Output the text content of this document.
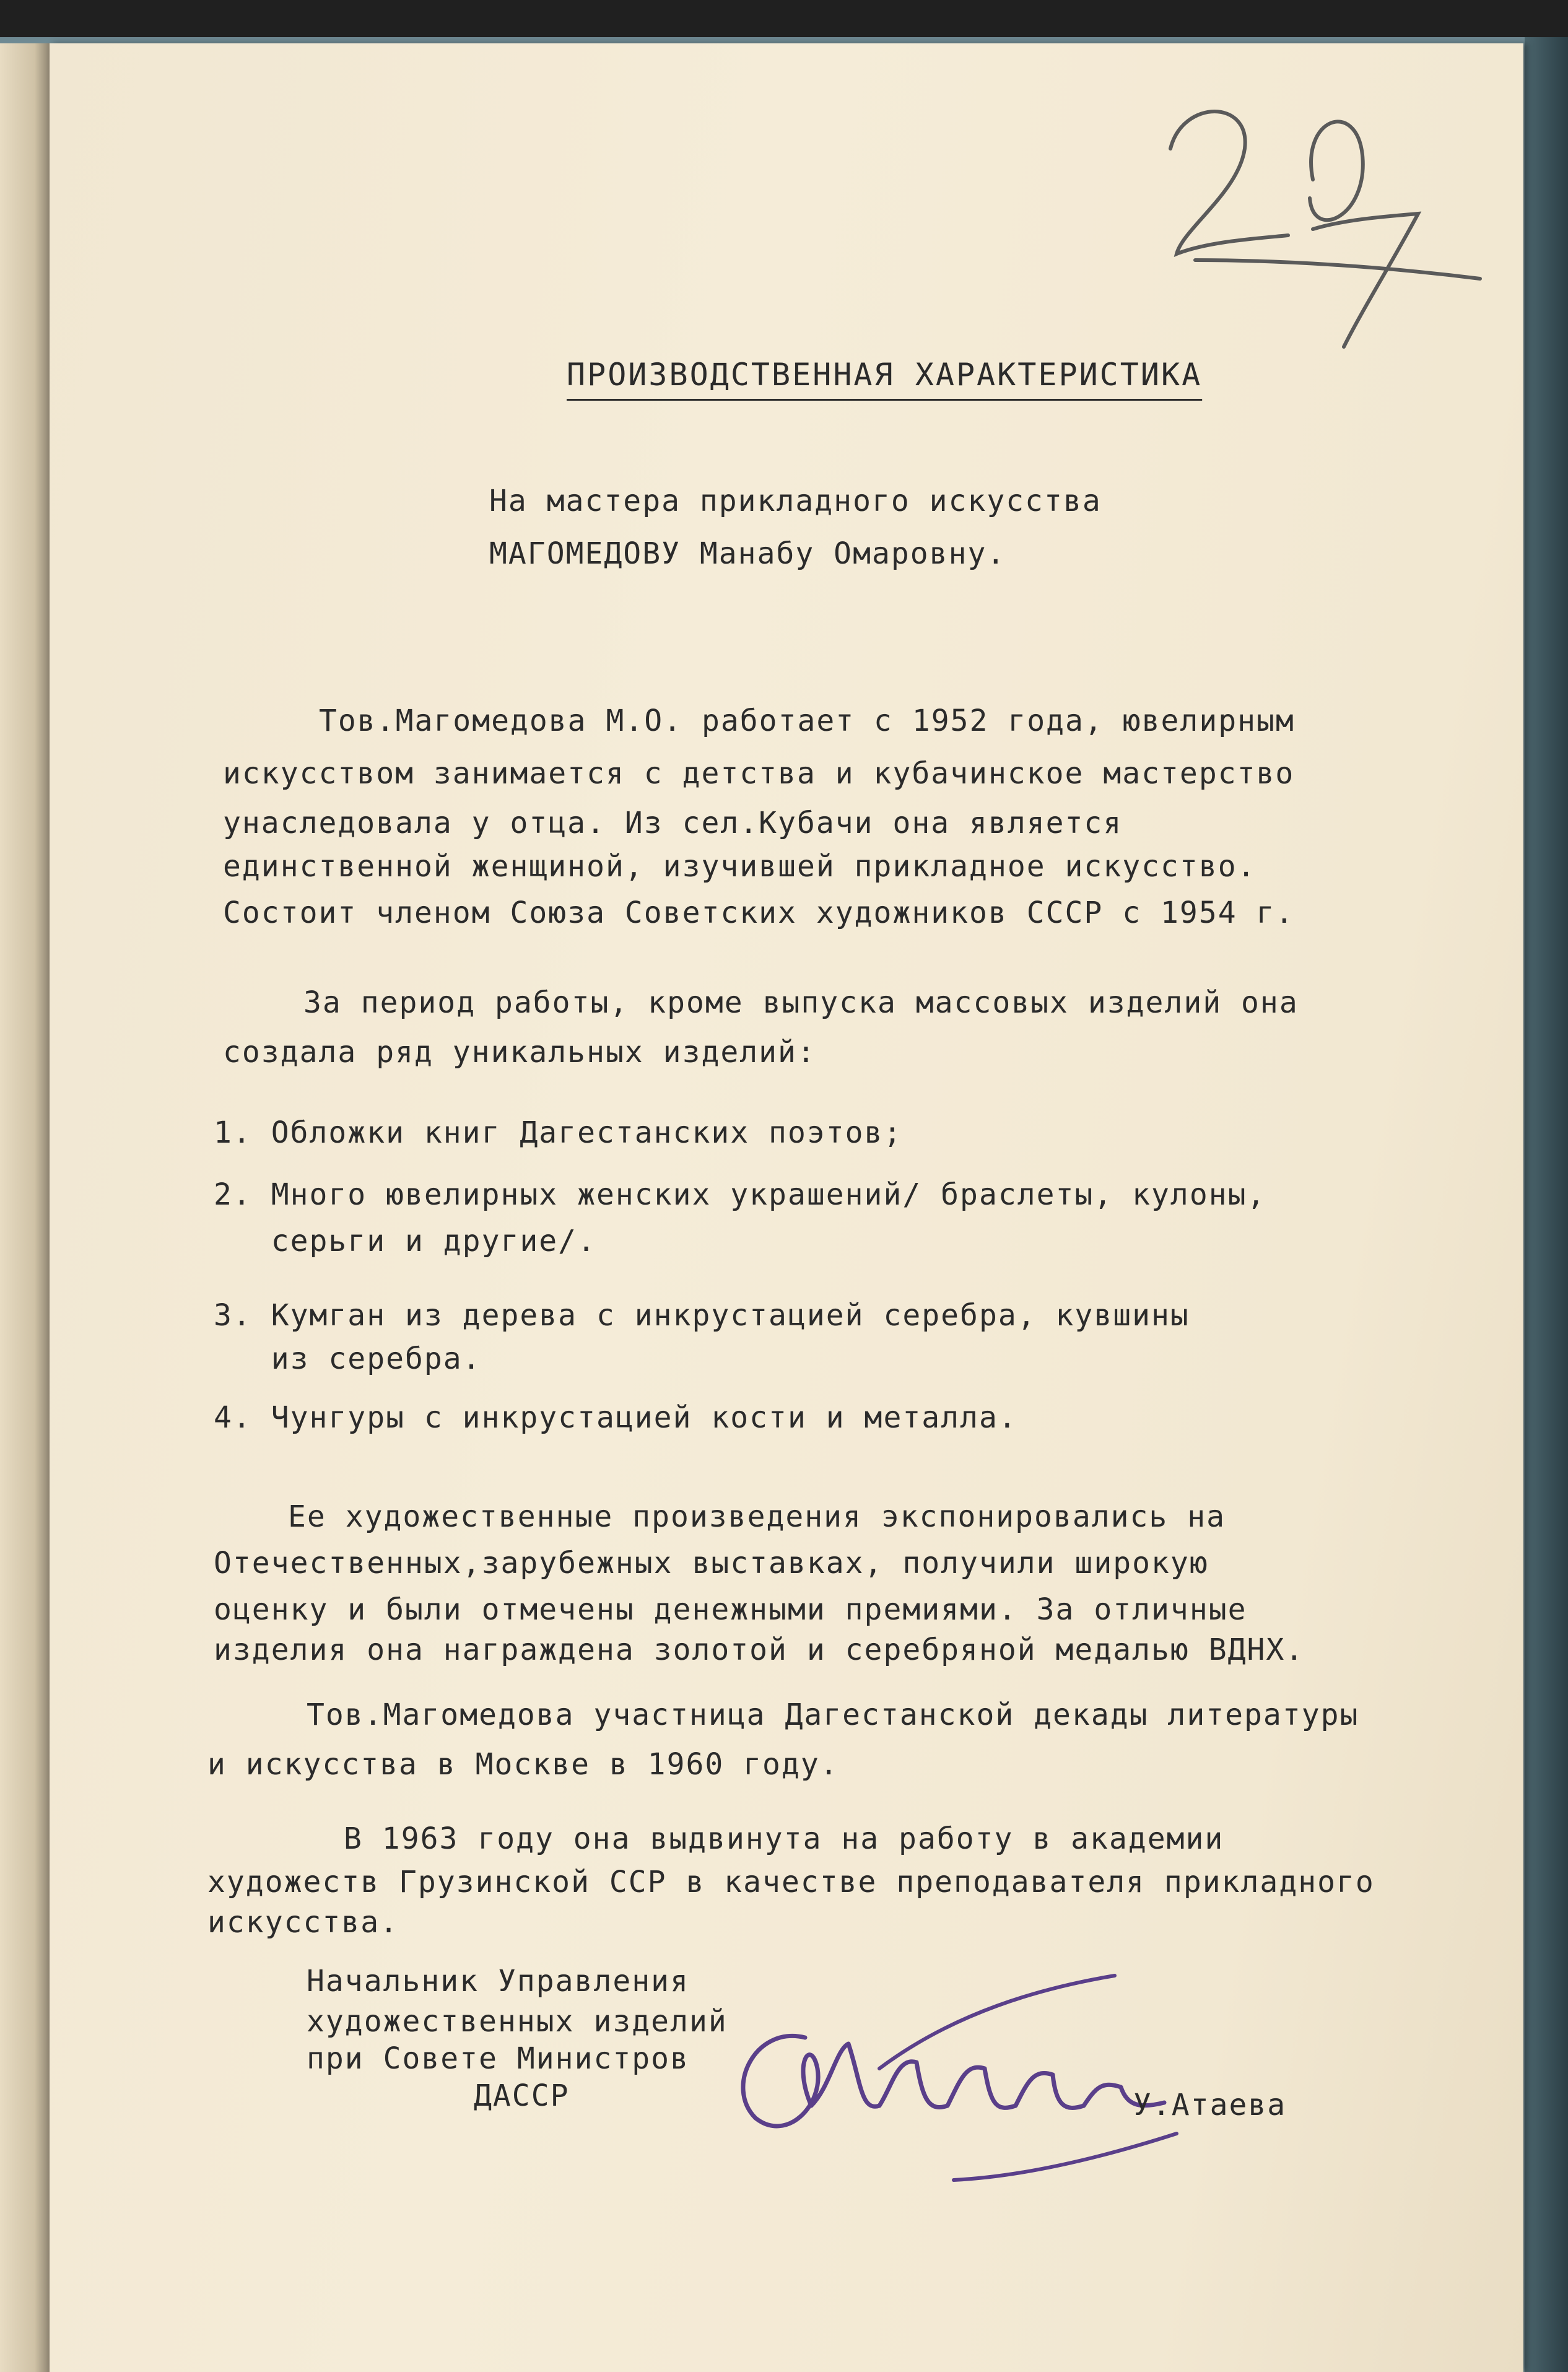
ПРОИЗВОДСТВЕННАЯ ХАРАКТЕРИСТИКА
На мастера прикладного искусства
МАГОМЕДОВУ Манабу Омаровну.
Тов.Магомедова М.О. работает с 1952 года, ювелирным
искусством занимается с детства и кубачинское мастерство
унаследовала у отца. Из сел.Кубачи она является
единственной женщиной, изучившей прикладное искусство.
Состоит членом Союза Советских художников СССР с 1954 г.
За период работы, кроме выпуска массовых изделий она
создала ряд уникальных изделий:
1. Обложки книг Дагестанских поэтов;
2. Много ювелирных женских украшений/ браслеты, кулоны,
серьги и другие/.
3. Кумган из дерева с инкрустацией серебра, кувшины
из серебра.
4. Чунгуры с инкрустацией кости и металла.
Ее художественные произведения экспонировались на
Отечественных,зарубежных выставках, получили широкую
оценку и были отмечены денежными премиями. За отличные
изделия она награждена золотой и серебряной медалью ВДНХ.
Тов.Магомедова участница Дагестанской декады литературы
и искусства в Москве в 1960 году.
В 1963 году она выдвинута на работу в академии
художеств Грузинской ССР в качестве преподавателя прикладного
искусства.
Начальник Управления
художественных изделий
при Совете Министров
ДАССР	У.Атаева
